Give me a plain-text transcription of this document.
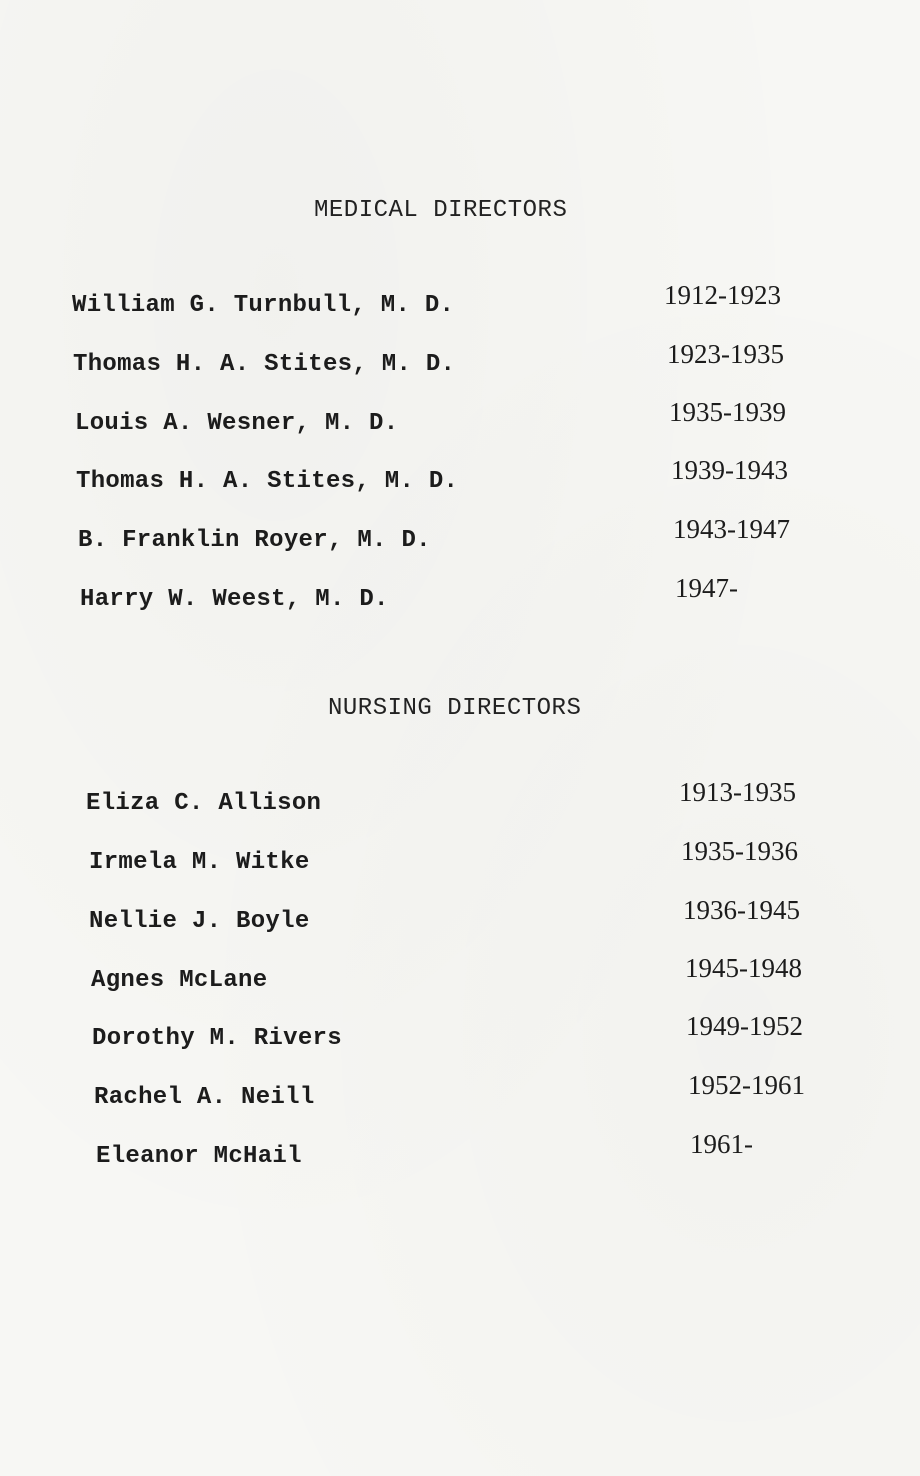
MEDICAL DIRECTORS
William G. Turnbull, M. D.	1912-1923
Thomas H. A. Stites, M. D.	1923-1935
Louis A. Wesner, M. D.	1935-1939
Thomas H. A. Stites, M. D.	1939-1943
B. Franklin Royer, M. D.	1943-1947
Harry W. Weest, M. D.	1947-
NURSING DIRECTORS
Eliza C. Allison	1913-1935
Irmela M. Witke	1935-1936
Nellie J. Boyle	1936-1945
Agnes McLane	1945-1948
Dorothy M. Rivers	1949-1952
Rachel A. Neill	1952-1961
Eleanor McHail	1961-
